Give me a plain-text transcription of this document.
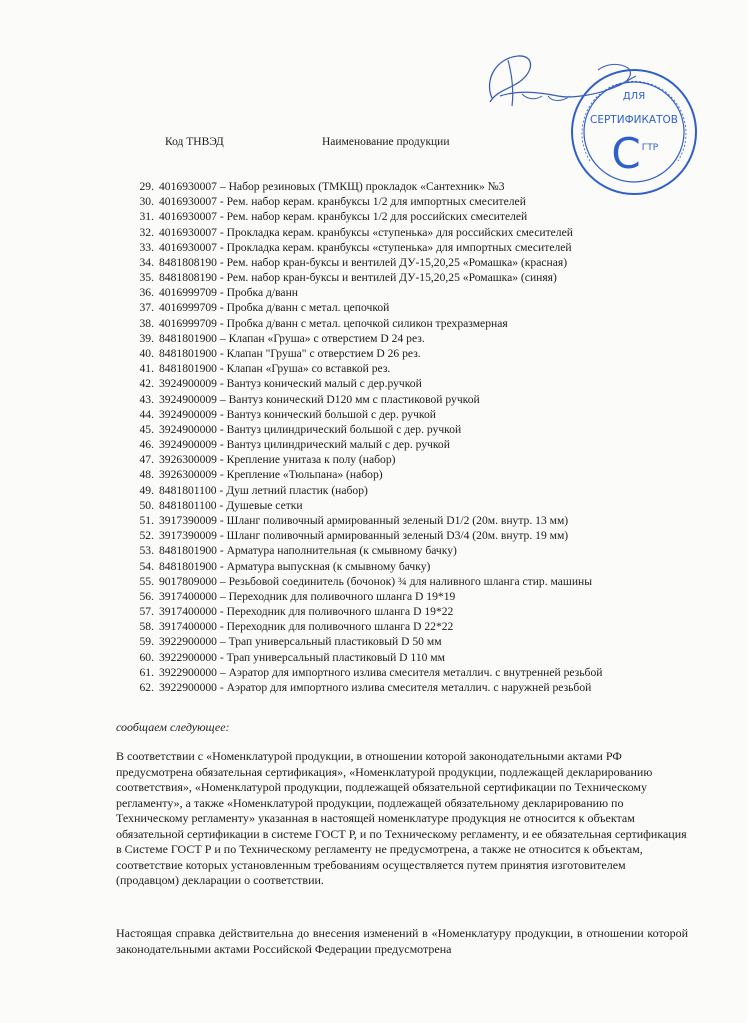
ДЛЯ
СЕРТИФИКАТОВ
С ГТР
Код ТНВЭД	Наименование продукции
29. 4016930007 – Набор резиновых (ТМКЩ) прокладок «Сантехник» №3
30. 4016930007 - Рем. набор керам. кранбуксы 1/2 для импортных смесителей
31. 4016930007 - Рем. набор керам. кранбуксы 1/2 для российских смесителей
32. 4016930007 - Прокладка керам. кранбуксы «ступенька» для российских смесителей
33. 4016930007 - Прокладка керам. кранбуксы «ступенька» для импортных смесителей
34. 8481808190 - Рем. набор кран-буксы и вентилей ДУ-15,20,25 «Ромашка» (красная)
35. 8481808190 - Рем. набор кран-буксы и вентилей ДУ-15,20,25 «Ромашка» (синяя)
36. 4016999709 - Пробка д/ванн
37. 4016999709 - Пробка д/ванн с метал. цепочкой
38. 4016999709 - Пробка д/ванн с метал. цепочкой силикон трехразмерная
39. 8481801900 – Клапан «Груша» с отверстием D 24 рез.
40. 8481801900 - Клапан "Груша" с отверстием D 26 рез.
41. 8481801900 - Клапан «Груша» со вставкой рез.
42. 3924900009 - Вантуз конический малый с дер.ручкой
43. 3924900009 – Вантуз конический D120 мм с пластиковой ручкой
44. 3924900009 - Вантуз конический большой с дер. ручкой
45. 3924900000 - Вантуз цилиндрический большой с дер. ручкой
46. 3924900009 - Вантуз цилиндрический малый с дер. ручкой
47. 3926300009 - Крепление унитаза к полу (набор)
48. 3926300009 - Крепление «Тюльпана» (набор)
49. 8481801100 - Душ летний пластик (набор)
50. 8481801100 - Душевые сетки
51. 3917390009 - Шланг поливочный армированный зеленый D1/2 (20м. внутр. 13 мм)
52. 3917390009 - Шланг поливочный армированный зеленый D3/4 (20м. внутр. 19 мм)
53. 8481801900 - Арматура наполнительная (к смывному бачку)
54. 8481801900 - Арматура выпускная (к смывному бачку)
55. 9017809000 – Резьбовой соединитель (бочонок) ¾ для наливного шланга стир. машины
56. 3917400000 – Переходник для поливочного шланга D 19*19
57. 3917400000 - Переходник для поливочного шланга D 19*22
58. 3917400000 - Переходник для поливочного шланга D 22*22
59. 3922900000 – Трап универсальный пластиковый D 50 мм
60. 3922900000 - Трап универсальный пластиковый D 110 мм
61. 3922900000 – Аэратор для импортного излива смесителя металлич. с внутренней резьбой
62. 3922900000 - Аэратор для импортного излива смесителя металлич. с наружней резьбой
сообщаем следующее:
В соответствии с «Номенклатурой продукции, в отношении которой законодательными актами РФ предусмотрена обязательная сертификация», «Номенклатурой продукции, подлежащей декларированию соответствия», «Номенклатурой продукции, подлежащей обязательной сертификации по Техническому регламенту», а также «Номенклатурой продукции, подлежащей обязательному декларированию по Техническому регламенту» указанная в настоящей номенклатуре продукция не относится к объектам обязательной сертификации в системе ГОСТ Р, и по Техническому регламенту, и ее обязательная сертификация в Системе ГОСТ Р и по Техническому регламенту не предусмотрена, а также не относится к объектам, соответствие которых установленным требованиям осуществляется путем принятия изготовителем (продавцом) декларации о соответствии.
Настоящая справка действительна до внесения изменений в «Номенклатуру продукции, в отношении которой законодательными актами Российской Федерации предусмотрена
